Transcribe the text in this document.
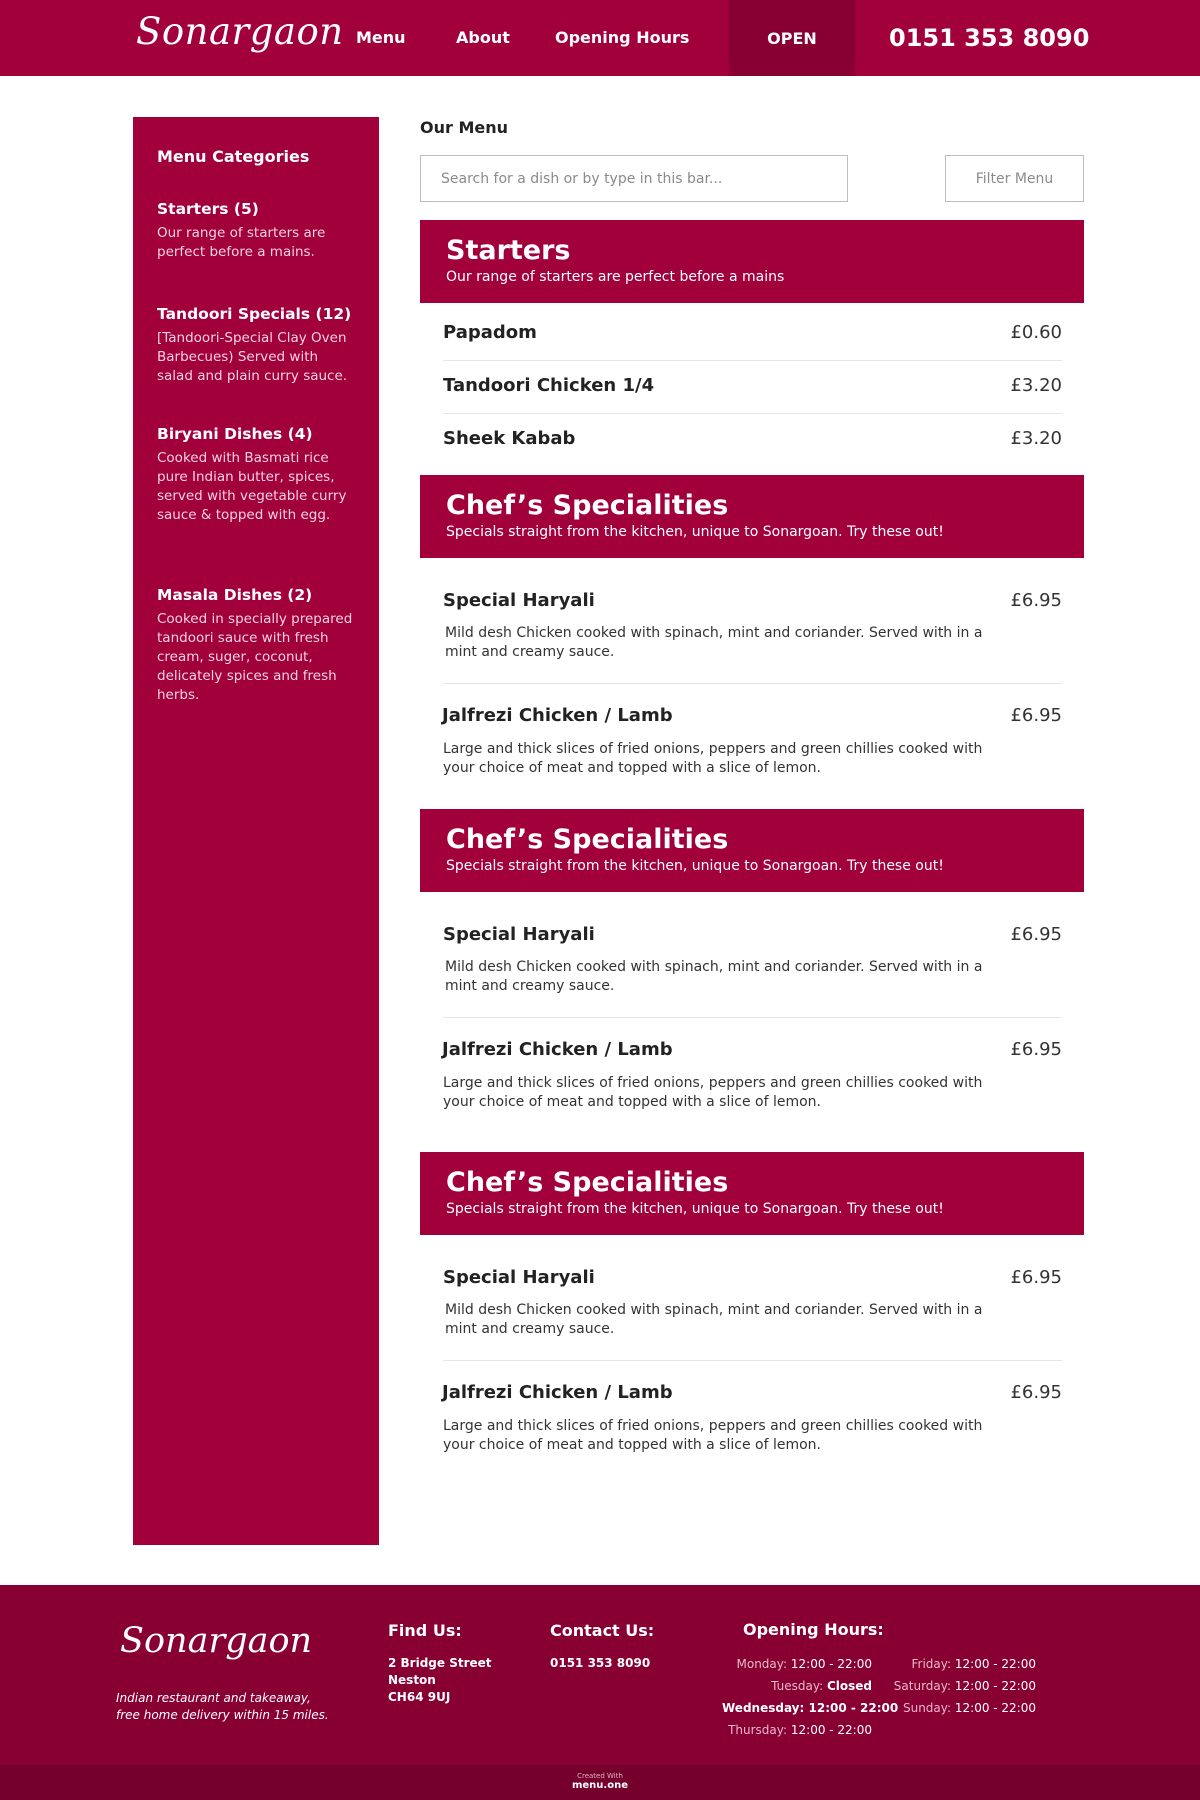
Sonargaon Menu	About	Opening Hours	OPEN	0151 353 8090
Menu Categories
Starters (5)
Our range of starters are perfect before a mains.
Tandoori Specials (12)
[Tandoori-Special Clay Oven Barbecues) Served with salad and plain curry sauce.
Biryani Dishes (4)
Cooked with Basmati rice pure Indian butter, spices, served with vegetable curry sauce & topped with egg.
Masala Dishes (2)
Cooked in specially prepared tandoori sauce with fresh cream, suger, coconut, delicately spices and fresh herbs.
Our Menu
Search for a dish or by type in this bar...
Filter Menu
Starters
Our range of starters are perfect before a mains
Papadom	£0.60
Tandoori Chicken 1/4	£3.20
Sheek Kabab	£3.20
Chef’s Specialities
Specials straight from the kitchen, unique to Sonargoan. Try these out!
Special Haryali	£6.95
Mild desh Chicken cooked with spinach, mint and coriander. Served with in a mint and creamy sauce.
Jalfrezi Chicken / Lamb	£6.95
Large and thick slices of fried onions, peppers and green chillies cooked with your choice of meat and topped with a slice of lemon.
Chef’s Specialities
Specials straight from the kitchen, unique to Sonargoan. Try these out!
Special Haryali	£6.95
Mild desh Chicken cooked with spinach, mint and coriander. Served with in a mint and creamy sauce.
Jalfrezi Chicken / Lamb	£6.95
Large and thick slices of fried onions, peppers and green chillies cooked with your choice of meat and topped with a slice of lemon.
Chef’s Specialities
Specials straight from the kitchen, unique to Sonargoan. Try these out!
Special Haryali	£6.95
Mild desh Chicken cooked with spinach, mint and coriander. Served with in a mint and creamy sauce.
Jalfrezi Chicken / Lamb	£6.95
Large and thick slices of fried onions, peppers and green chillies cooked with your choice of meat and topped with a slice of lemon.
Sonargaon
Indian restaurant and takeaway, free home delivery within 15 miles.
Find Us:
2 Bridge Street
Neston
CH64 9UJ
Contact Us:
0151 353 8090
Opening Hours:
Monday: 12:00 - 22:00
Tuesday: Closed
Wednesday: 12:00 - 22:00
Thursday: 12:00 - 22:00
Friday: 12:00 - 22:00
Saturday: 12:00 - 22:00
Sunday: 12:00 - 22:00
Created With
menu.one
